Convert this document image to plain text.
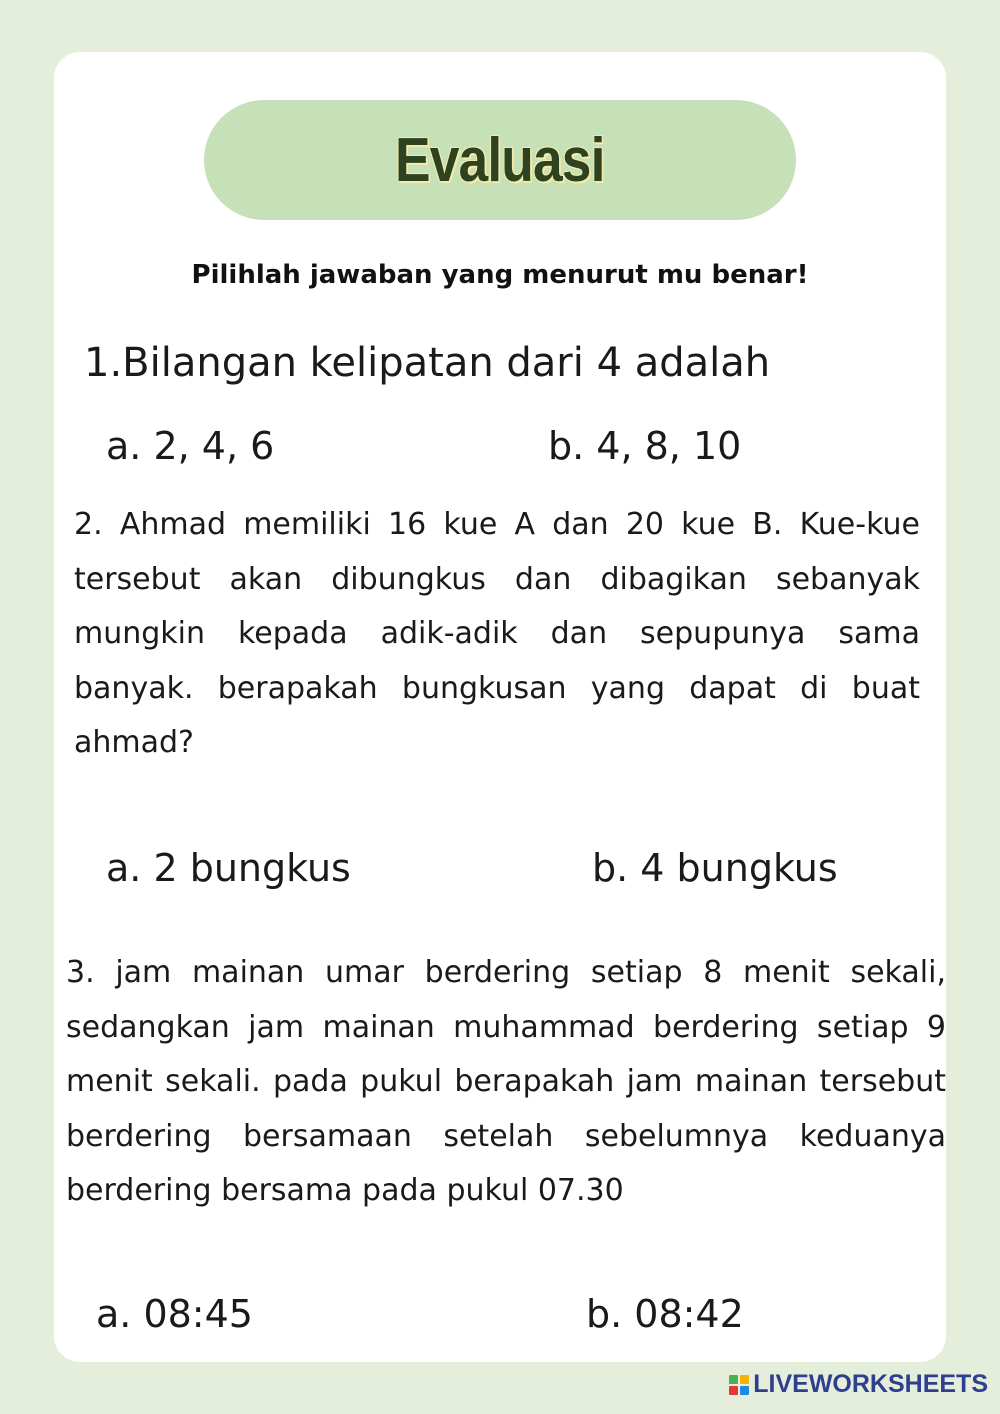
Evaluasi
Pilihlah jawaban yang menurut mu benar!
1.Bilangan kelipatan dari 4 adalah
a. 2, 4, 6	b. 4, 8, 10
2. Ahmad memiliki 16 kue A dan 20 kue B. Kue-kue tersebut akan dibungkus dan dibagikan sebanyak mungkin kepada adik-adik dan sepupunya sama banyak. berapakah bungkusan yang dapat di buat ahmad?
a. 2 bungkus	b. 4 bungkus
3. jam mainan umar berdering setiap 8 menit sekali, sedangkan jam mainan muhammad berdering setiap 9 menit sekali. pada pukul berapakah jam mainan tersebut berdering bersamaan setelah sebelumnya keduanya berdering bersama pada pukul 07.30
a. 08:45	b. 08:42
LIVEWORKSHEETS
